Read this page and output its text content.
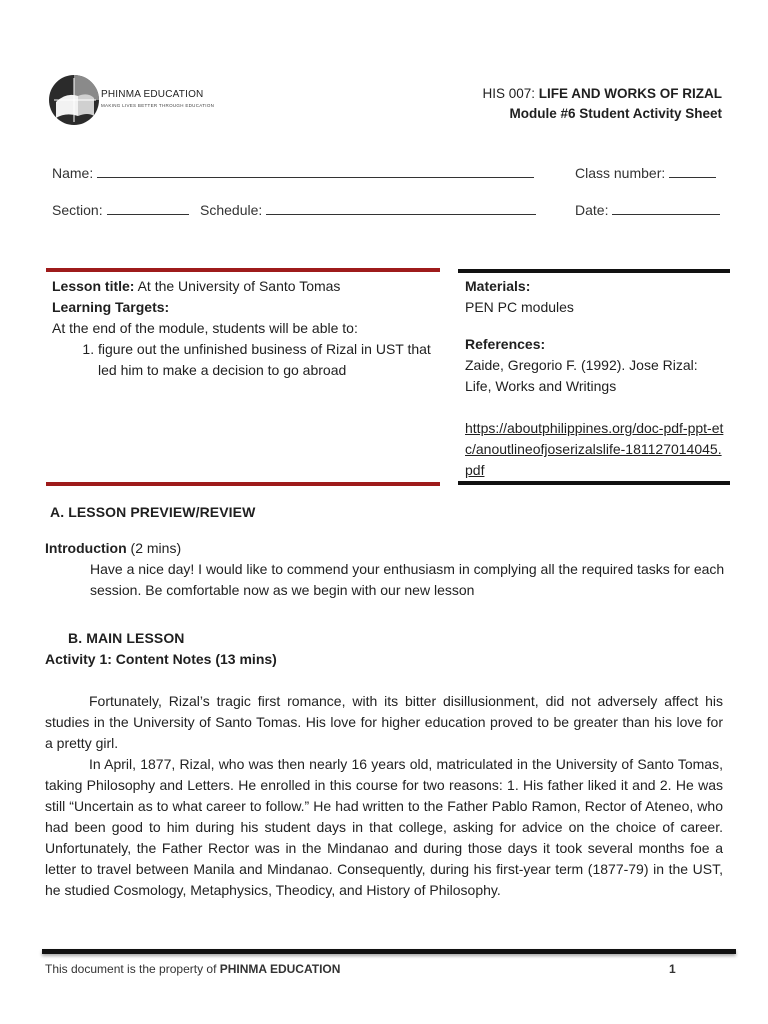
PHINMA EDUCATION
MAKING LIVES BETTER THROUGH EDUCATION
HIS 007: LIFE AND WORKS OF RIZAL
Module #6 Student Activity Sheet
Name:	Class number:
Section:	Schedule:	Date:
Lesson title: At the University of Santo Tomas
Learning Targets:
At the end of the module, students will be able to:
1. figure out the unfinished business of Rizal in UST that led him to make a decision to go abroad
Materials:
PEN PC modules
References:
Zaide, Gregorio F. (1992). Jose Rizal: Life, Works and Writings
https://aboutphilippines.org/doc-pdf-ppt-etc/anoutlineofjoserizalslife-181127014045.pdf
A. LESSON PREVIEW/REVIEW
Introduction (2 mins)
Have a nice day! I would like to commend your enthusiasm in complying all the required tasks for each session. Be comfortable now as we begin with our new lesson
B. MAIN LESSON
Activity 1: Content Notes (13 mins)

Fortunately, Rizal’s tragic first romance, with its bitter disillusionment, did not adversely affect his studies in the University of Santo Tomas. His love for higher education proved to be greater than his love for a pretty girl.

In April, 1877, Rizal, who was then nearly 16 years old, matriculated in the University of Santo Tomas, taking Philosophy and Letters. He enrolled in this course for two reasons: 1. His father liked it and 2. He was still “Uncertain as to what career to follow.” He had written to the Father Pablo Ramon, Rector of Ateneo, who had been good to him during his student days in that college, asking for advice on the choice of career. Unfortunately, the Father Rector was in the Mindanao and during those days it took several months foe a letter to travel between Manila and Mindanao. Consequently, during his first-year term (1877-79) in the UST, he studied Cosmology, Metaphysics, Theodicy, and History of Philosophy.

This document is the property of PHINMA EDUCATION	1
